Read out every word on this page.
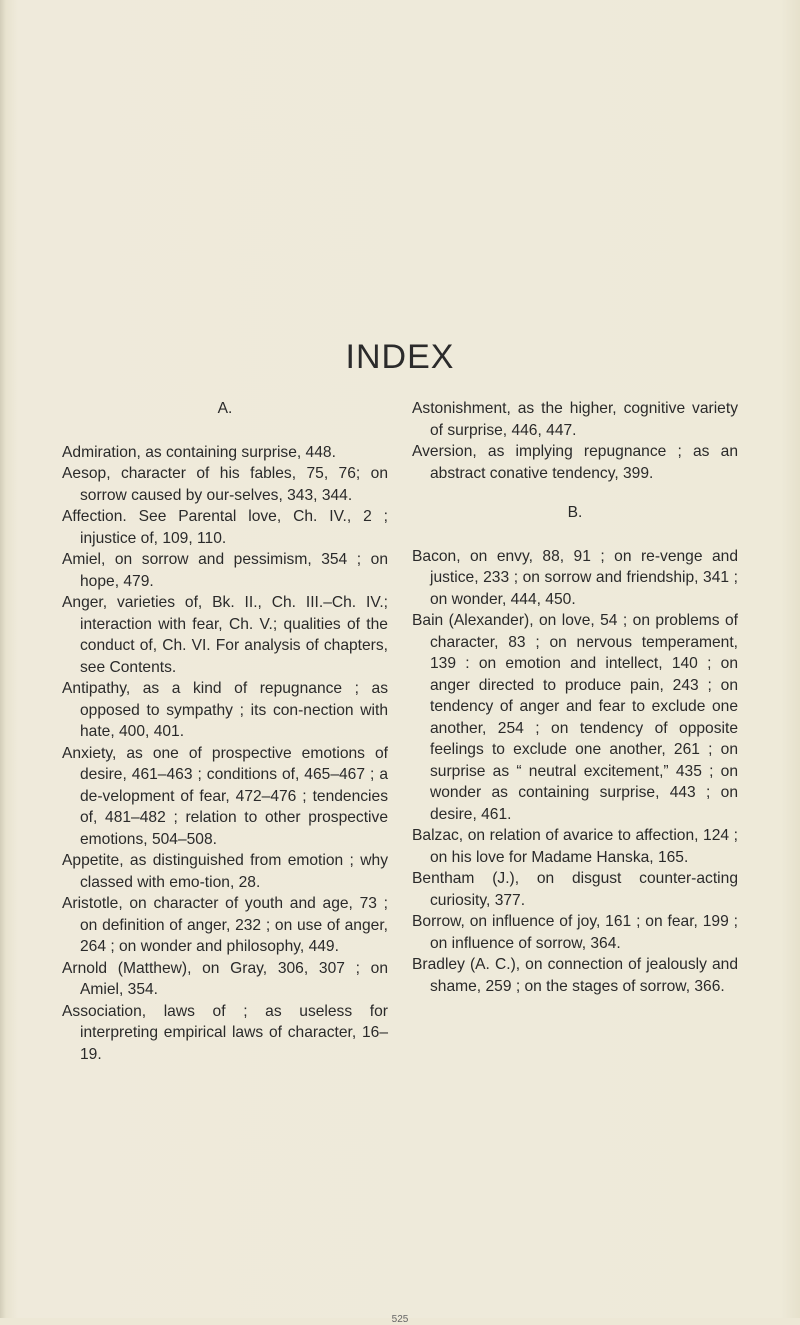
INDEX

A.

Admiration, as containing surprise, 448.

Aesop, character of his fables, 75, 76; on sorrow caused by our-selves, 343, 344.

Affection. See Parental love, Ch. IV., 2 ; injustice of, 109, 110.

Amiel, on sorrow and pessimism, 354 ; on hope, 479.

Anger, varieties of, Bk. II., Ch. III.–Ch. IV.; interaction with fear, Ch. V.; qualities of the conduct of, Ch. VI. For analysis of chapters, see Contents.

Antipathy, as a kind of repugnance ; as opposed to sympathy ; its con-nection with hate, 400, 401.

Anxiety, as one of prospective emotions of desire, 461–463 ; conditions of, 465–467 ; a de-velopment of fear, 472–476 ; tendencies of, 481–482 ; relation to other prospective emotions, 504–508.

Appetite, as distinguished from emotion ; why classed with emo-tion, 28.

Aristotle, on character of youth and age, 73 ; on definition of anger, 232 ; on use of anger, 264 ; on wonder and philosophy, 449.

Arnold (Matthew), on Gray, 306, 307 ; on Amiel, 354.

Association, laws of ; as useless for interpreting empirical laws of character, 16–19.

Astonishment, as the higher, cognitive variety of surprise, 446, 447.

Aversion, as implying repugnance ; as an abstract conative tendency, 399.

B.

Bacon, on envy, 88, 91 ; on re-venge and justice, 233 ; on sorrow and friendship, 341 ; on wonder, 444, 450.

Bain (Alexander), on love, 54 ; on problems of character, 83 ; on nervous temperament, 139 : on emotion and intellect, 140 ; on anger directed to produce pain, 243 ; on tendency of anger and fear to exclude one another, 254 ; on tendency of opposite feelings to exclude one another, 261 ; on surprise as “ neutral excitement,” 435 ; on wonder as containing surprise, 443 ; on desire, 461.

Balzac, on relation of avarice to affection, 124 ; on his love for Madame Hanska, 165.

Bentham (J.), on disgust counter-acting curiosity, 377.

Borrow, on influence of joy, 161 ; on fear, 199 ; on influence of sorrow, 364.

Bradley (A. C.), on connection of jealously and shame, 259 ; on the stages of sorrow, 366.

525
